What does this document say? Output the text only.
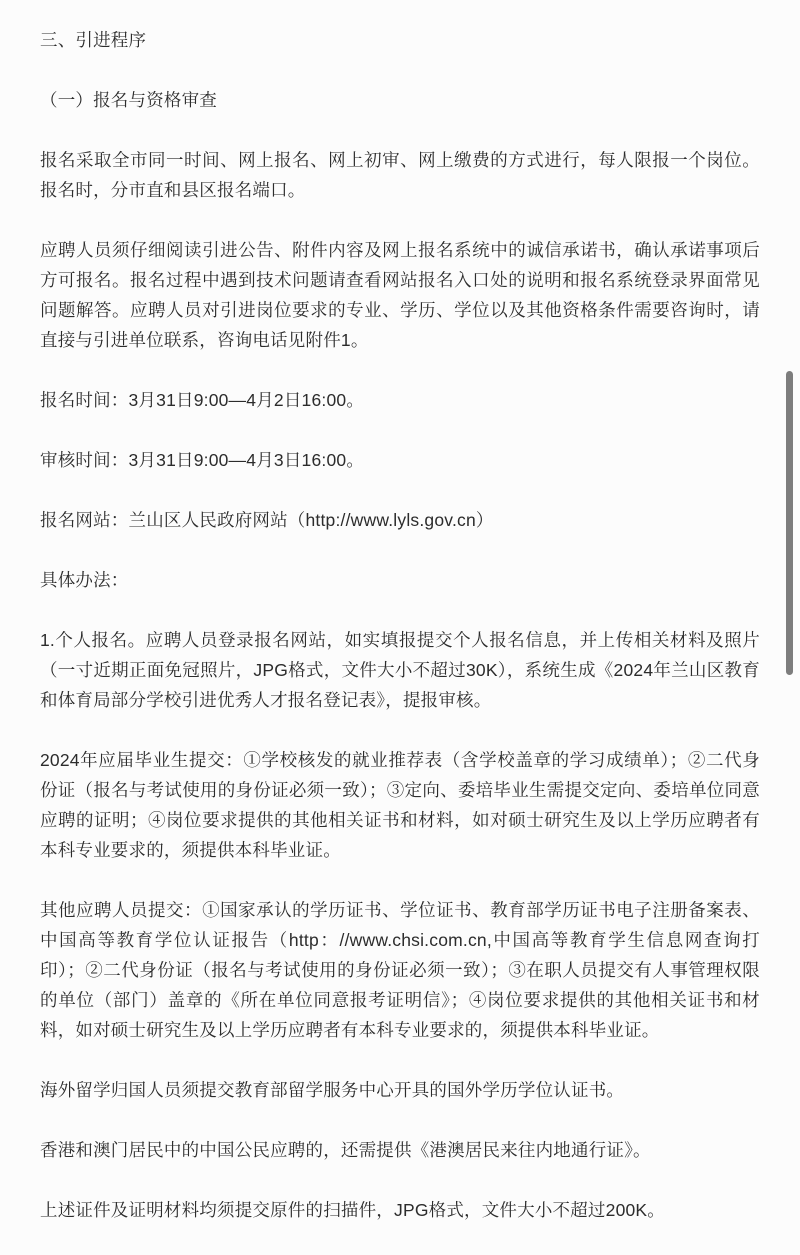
三、引进程序

（一）报名与资格审查

报名采取全市同一时间、网上报名、网上初审、网上缴费的方式进行，每人限报一个岗位。报名时，分市直和县区报名端口。

应聘人员须仔细阅读引进公告、附件内容及网上报名系统中的诚信承诺书，确认承诺事项后方可报名。报名过程中遇到技术问题请查看网站报名入口处的说明和报名系统登录界面常见问题解答。应聘人员对引进岗位要求的专业、学历、学位以及其他资格条件需要咨询时，请直接与引进单位联系，咨询电话见附件1。

报名时间：3月31日9:00—4月2日16:00。

审核时间：3月31日9:00—4月3日16:00。

报名网站：兰山区人民政府网站（http://www.lyls.gov.cn）

具体办法：

1.个人报名。应聘人员登录报名网站，如实填报提交个人报名信息，并上传相关材料及照片（一寸近期正面免冠照片，JPG格式，文件大小不超过30K），系统生成《2024年兰山区教育和体育局部分学校引进优秀人才报名登记表》，提报审核。

2024年应届毕业生提交：①学校核发的就业推荐表（含学校盖章的学习成绩单）；②二代身份证（报名与考试使用的身份证必须一致）；③定向、委培毕业生需提交定向、委培单位同意应聘的证明；④岗位要求提供的其他相关证书和材料，如对硕士研究生及以上学历应聘者有本科专业要求的，须提供本科毕业证。

其他应聘人员提交：①国家承认的学历证书、学位证书、教育部学历证书电子注册备案表、中国高等教育学位认证报告（http：//www.chsi.com.cn,中国高等教育学生信息网查询打印）；②二代身份证（报名与考试使用的身份证必须一致）；③在职人员提交有人事管理权限的单位（部门）盖章的《所在单位同意报考证明信》；④岗位要求提供的其他相关证书和材料，如对硕士研究生及以上学历应聘者有本科专业要求的，须提供本科毕业证。

海外留学归国人员须提交教育部留学服务中心开具的国外学历学位认证书。

香港和澳门居民中的中国公民应聘的，还需提供《港澳居民来往内地通行证》。

上述证件及证明材料均须提交原件的扫描件，JPG格式，文件大小不超过200K。
